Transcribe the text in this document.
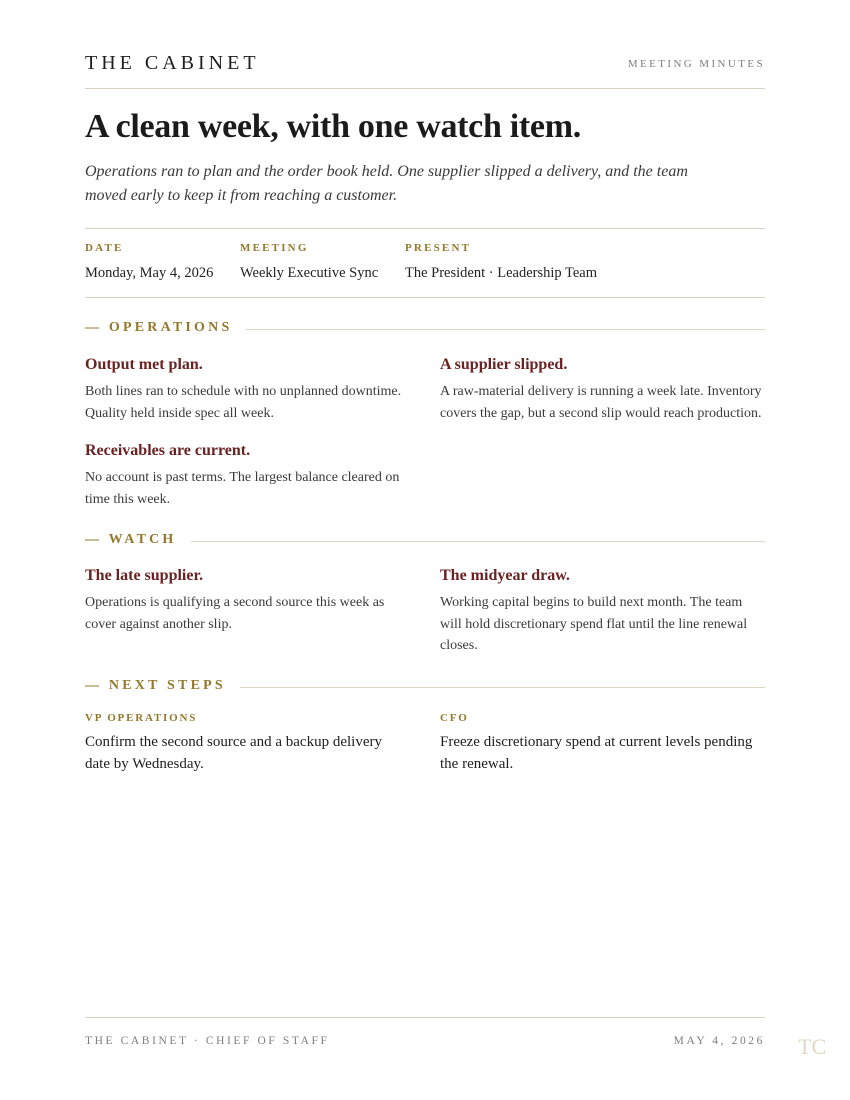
THE CABINET	MEETING MINUTES
A clean week, with one watch item.

Operations ran to plan and the order book held. One supplier slipped a delivery, and the team moved early to keep it from reaching a customer.

DATE
Monday, May 4, 2026
MEETING
Weekly Executive Sync
PRESENT
The President · Leadership Team
— OPERATIONS
Output met plan.
Both lines ran to schedule with no unplanned downtime. Quality held inside spec all week.
A supplier slipped.
A raw-material delivery is running a week late. Inventory covers the gap, but a second slip would reach production.
Receivables are current.
No account is past terms. The largest balance cleared on time this week.
— WATCH
The late supplier.
Operations is qualifying a second source this week as cover against another slip.
The midyear draw.
Working capital begins to build next month. The team will hold discretionary spend flat until the line renewal closes.
— NEXT STEPS
VP OPERATIONS
Confirm the second source and a backup delivery date by Wednesday.
CFO
Freeze discretionary spend at current levels pending the renewal.
THE CABINET · CHIEF OF STAFF	MAY 4, 2026 TC
